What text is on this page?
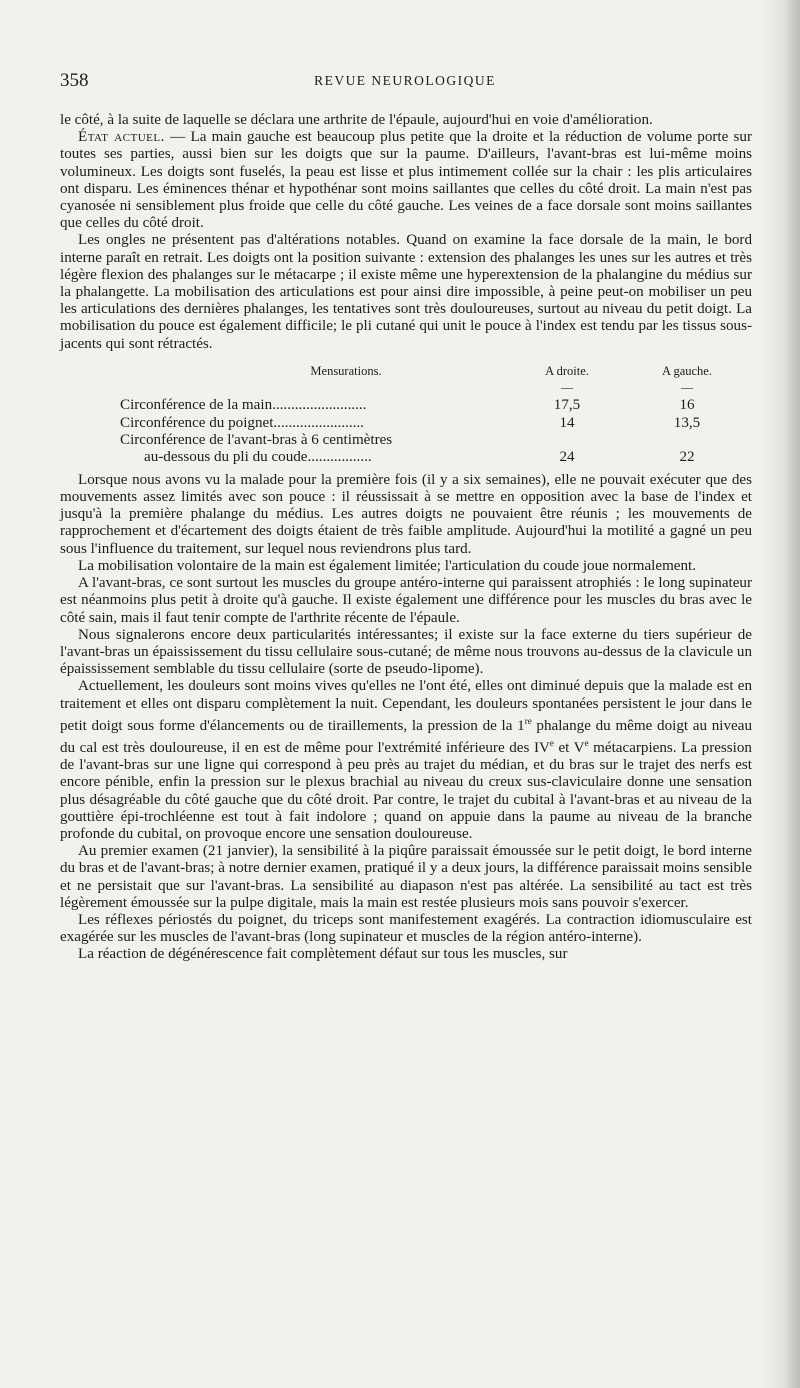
358	REVUE NEUROLOGIQUE

le côté, à la suite de laquelle se déclara une arthrite de l'épaule, aujourd'hui en voie d'amélioration.

État actuel. — La main gauche est beaucoup plus petite que la droite et la réduction de volume porte sur toutes ses parties, aussi bien sur les doigts que sur la paume. D'ailleurs, l'avant-bras est lui-même moins volumineux. Les doigts sont fuselés, la peau est lisse et plus intimement collée sur la chair : les plis articulaires ont disparu. Les éminences thénar et hypothénar sont moins saillantes que celles du côté droit. La main n'est pas cyanosée ni sensiblement plus froide que celle du côté gauche. Les veines de a face dorsale sont moins saillantes que celles du côté droit.

Les ongles ne présentent pas d'altérations notables. Quand on examine la face dorsale de la main, le bord interne paraît en retrait. Les doigts ont la position suivante : extension des phalanges les unes sur les autres et très légère flexion des phalanges sur le métacarpe ; il existe même une hyperextension de la phalangine du médius sur la phalangette. La mobilisation des articulations est pour ainsi dire impossible, à peine peut-on mobiliser un peu les articulations des dernières phalanges, les tentatives sont très douloureuses, surtout au niveau du petit doigt. La mobilisation du pouce est également difficile; le pli cutané qui unit le pouce à l'index est tendu par les tissus sous-jacents qui sont rétractés.

Mensurations.	A droite.	A gauche.
	—	—
Circonférence de la main.........................	17,5	16
Circonférence du poignet........................	14	13,5
Circonférence de l'avant-bras à 6 centimètres		
au-dessous du pli du coude.................	24	22

Lorsque nous avons vu la malade pour la première fois (il y a six semaines), elle ne pouvait exécuter que des mouvements assez limités avec son pouce : il réussissait à se mettre en opposition avec la base de l'index et jusqu'à la première phalange du médius. Les autres doigts ne pouvaient être réunis ; les mouvements de rapprochement et d'écartement des doigts étaient de très faible amplitude. Aujourd'hui la motilité a gagné un peu sous l'influence du traitement, sur lequel nous reviendrons plus tard.

La mobilisation volontaire de la main est également limitée; l'articulation du coude joue normalement.

A l'avant-bras, ce sont surtout les muscles du groupe antéro-interne qui paraissent atrophiés : le long supinateur est néanmoins plus petit à droite qu'à gauche. Il existe également une différence pour les muscles du bras avec le côté sain, mais il faut tenir compte de l'arthrite récente de l'épaule.

Nous signalerons encore deux particularités intéressantes; il existe sur la face externe du tiers supérieur de l'avant-bras un épaississement du tissu cellulaire sous-cutané; de même nous trouvons au-dessus de la clavicule un épaississement semblable du tissu cellulaire (sorte de pseudo-lipome).

Actuellement, les douleurs sont moins vives qu'elles ne l'ont été, elles ont diminué depuis que la malade est en traitement et elles ont disparu complètement la nuit. Cependant, les douleurs spontanées persistent le jour dans le petit doigt sous forme d'élancements ou de tiraillements, la pression de la 1re phalange du même doigt au niveau du cal est très douloureuse, il en est de même pour l'extrémité inférieure des IVe et Ve métacarpiens. La pression de l'avant-bras sur une ligne qui correspond à peu près au trajet du médian, et du bras sur le trajet des nerfs est encore pénible, enfin la pression sur le plexus brachial au niveau du creux sus-claviculaire donne une sensation plus désagréable du côté gauche que du côté droit. Par contre, le trajet du cubital à l'avant-bras et au niveau de la gouttière épi-trochléenne est tout à fait indolore ; quand on appuie dans la paume au niveau de la branche profonde du cubital, on provoque encore une sensation douloureuse.

Au premier examen (21 janvier), la sensibilité à la piqûre paraissait émoussée sur le petit doigt, le bord interne du bras et de l'avant-bras; à notre dernier examen, pratiqué il y a deux jours, la différence paraissait moins sensible et ne persistait que sur l'avant-bras. La sensibilité au diapason n'est pas altérée. La sensibilité au tact est très légèrement émoussée sur la pulpe digitale, mais la main est restée plusieurs mois sans pouvoir s'exercer.

Les réflexes périostés du poignet, du triceps sont manifestement exagérés. La contraction idiomusculaire est exagérée sur les muscles de l'avant-bras (long supinateur et muscles de la région antéro-interne).

La réaction de dégénérescence fait complètement défaut sur tous les muscles, sur
